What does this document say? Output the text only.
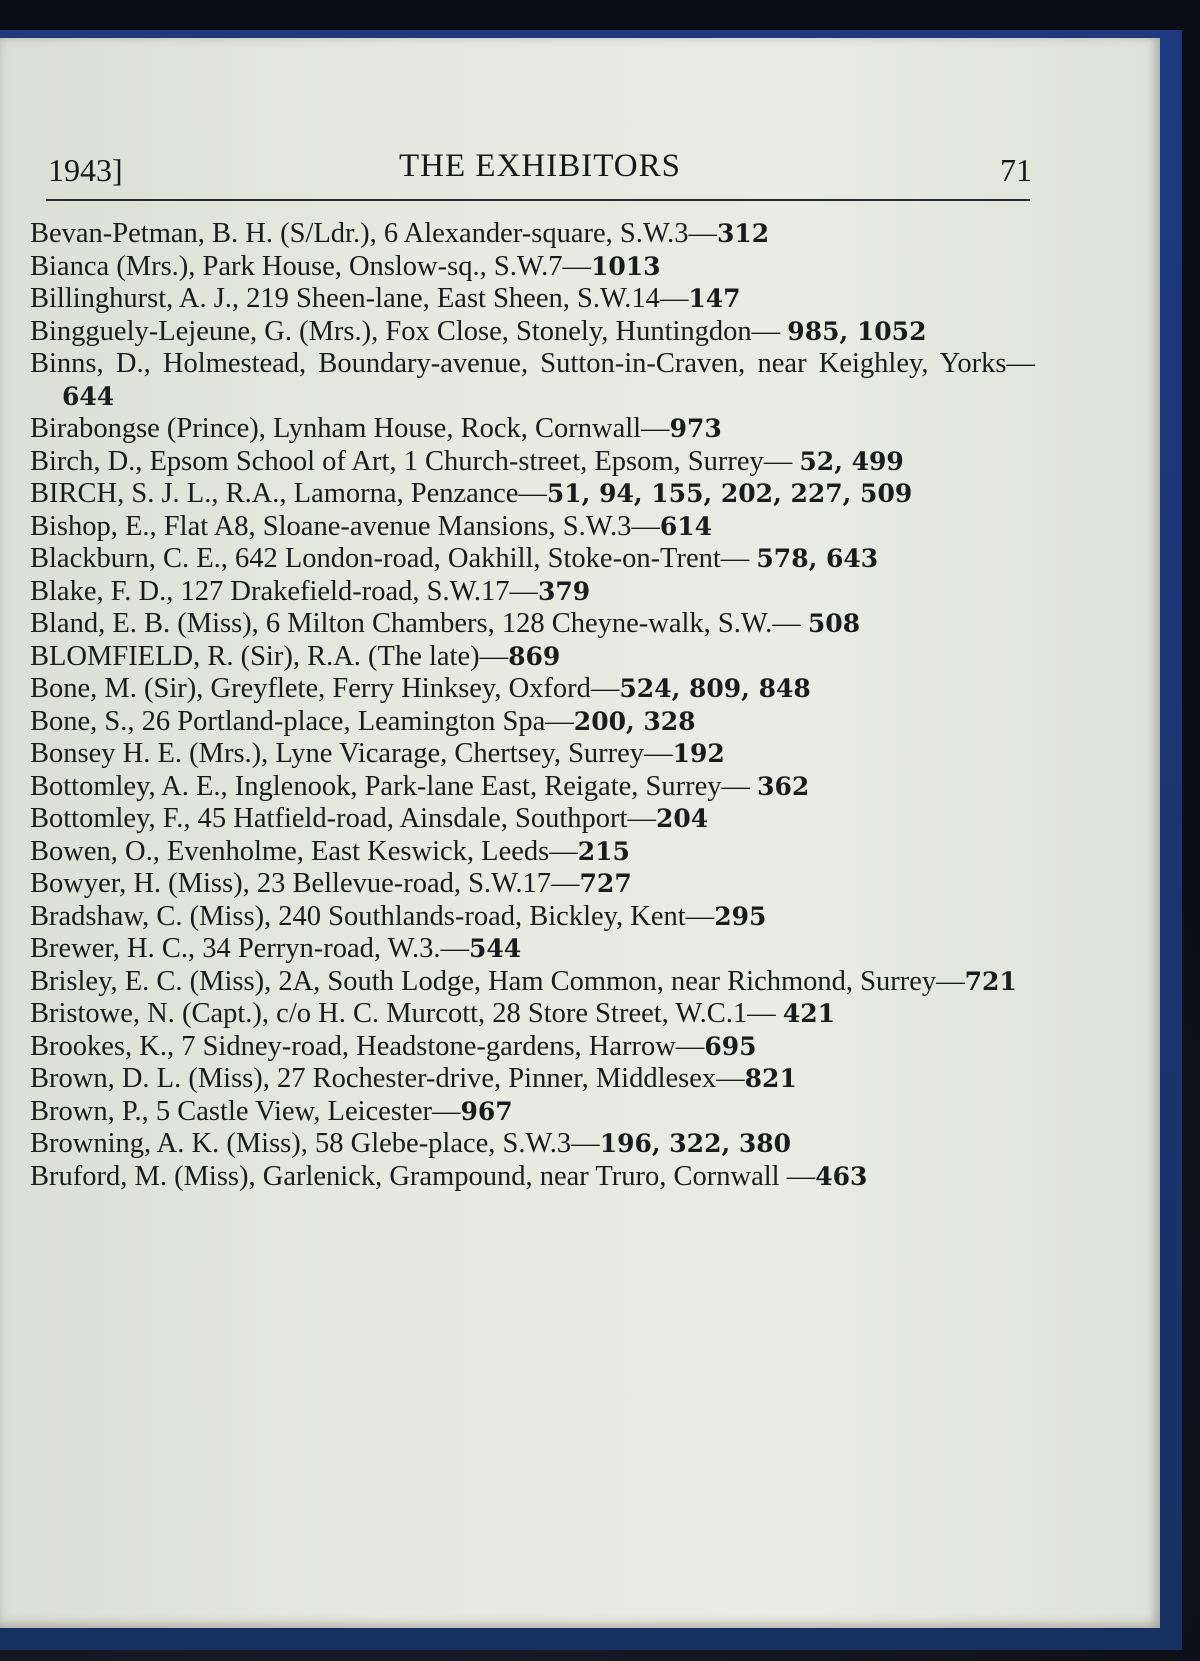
1943]	THE EXHIBITORS	71

Bevan-Petman, B. H. (S/Ldr.), 6 Alexander-square, S.W.3—312

Bianca (Mrs.), Park House, Onslow-sq., S.W.7—1013

Billinghurst, A. J., 219 Sheen-lane, East Sheen, S.W.14—147

Bingguely-Lejeune, G. (Mrs.), Fox Close, Stonely, Huntingdon— 985, 1052

Binns, D., Holmestead, Boundary-avenue, Sutton-in-Craven, near Keighley, Yorks—644

Birabongse (Prince), Lynham House, Rock, Cornwall—973

Birch, D., Epsom School of Art, 1 Church-street, Epsom, Surrey— 52, 499

BIRCH, S. J. L., R.A., Lamorna, Penzance—51, 94, 155, 202, 227, 509

Bishop, E., Flat A8, Sloane-avenue Mansions, S.W.3—614

Blackburn, C. E., 642 London-road, Oakhill, Stoke-on-Trent— 578, 643

Blake, F. D., 127 Drakefield-road, S.W.17—379

Bland, E. B. (Miss), 6 Milton Chambers, 128 Cheyne-walk, S.W.— 508

BLOMFIELD, R. (Sir), R.A. (The late)—869

Bone, M. (Sir), Greyflete, Ferry Hinksey, Oxford—524, 809, 848

Bone, S., 26 Portland-place, Leamington Spa—200, 328

Bonsey H. E. (Mrs.), Lyne Vicarage, Chertsey, Surrey—192

Bottomley, A. E., Inglenook, Park-lane East, Reigate, Surrey— 362

Bottomley, F., 45 Hatfield-road, Ainsdale, Southport—204

Bowen, O., Evenholme, East Keswick, Leeds—215

Bowyer, H. (Miss), 23 Bellevue-road, S.W.17—727

Bradshaw, C. (Miss), 240 Southlands-road, Bickley, Kent—295

Brewer, H. C., 34 Perryn-road, W.3.—544

Brisley, E. C. (Miss), 2A, South Lodge, Ham Common, near Richmond, Surrey—721

Bristowe, N. (Capt.), c/o H. C. Murcott, 28 Store Street, W.C.1— 421

Brookes, K., 7 Sidney-road, Headstone-gardens, Harrow—695

Brown, D. L. (Miss), 27 Rochester-drive, Pinner, Middlesex—821

Brown, P., 5 Castle View, Leicester—967

Browning, A. K. (Miss), 58 Glebe-place, S.W.3—196, 322, 380

Bruford, M. (Miss), Garlenick, Grampound, near Truro, Cornwall —463
